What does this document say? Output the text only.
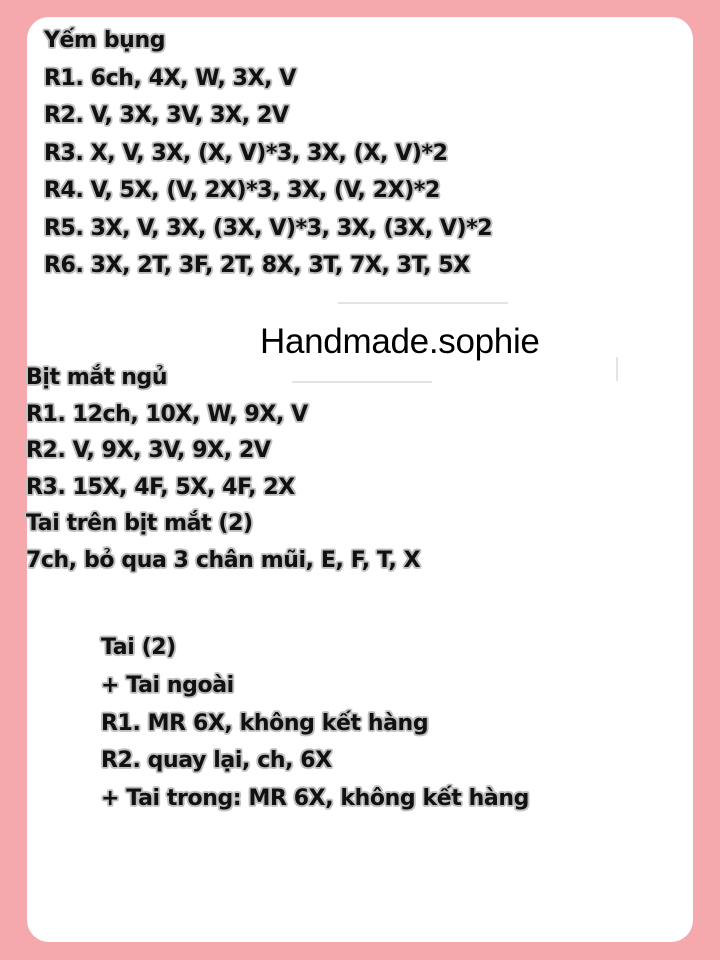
Yếm bụng
R1. 6ch, 4X, W, 3X, V
R2. V, 3X, 3V, 3X, 2V
R3. X, V, 3X, (X, V)*3, 3X, (X, V)*2
R4. V, 5X, (V, 2X)*3, 3X, (V, 2X)*2
R5. 3X, V, 3X, (3X, V)*3, 3X, (3X, V)*2
R6. 3X, 2T, 3F, 2T, 8X, 3T, 7X, 3T, 5X
Handmade.sophie
Bịt mắt ngủ
R1. 12ch, 10X, W, 9X, V
R2. V, 9X, 3V, 9X, 2V
R3. 15X, 4F, 5X, 4F, 2X
Tai trên bịt mắt (2)
7ch, bỏ qua 3 chân mũi, E, F, T, X
Tai (2)
+ Tai ngoài
R1. MR 6X, không kết hàng
R2. quay lại, ch, 6X
+ Tai trong: MR 6X, không kết hàng
